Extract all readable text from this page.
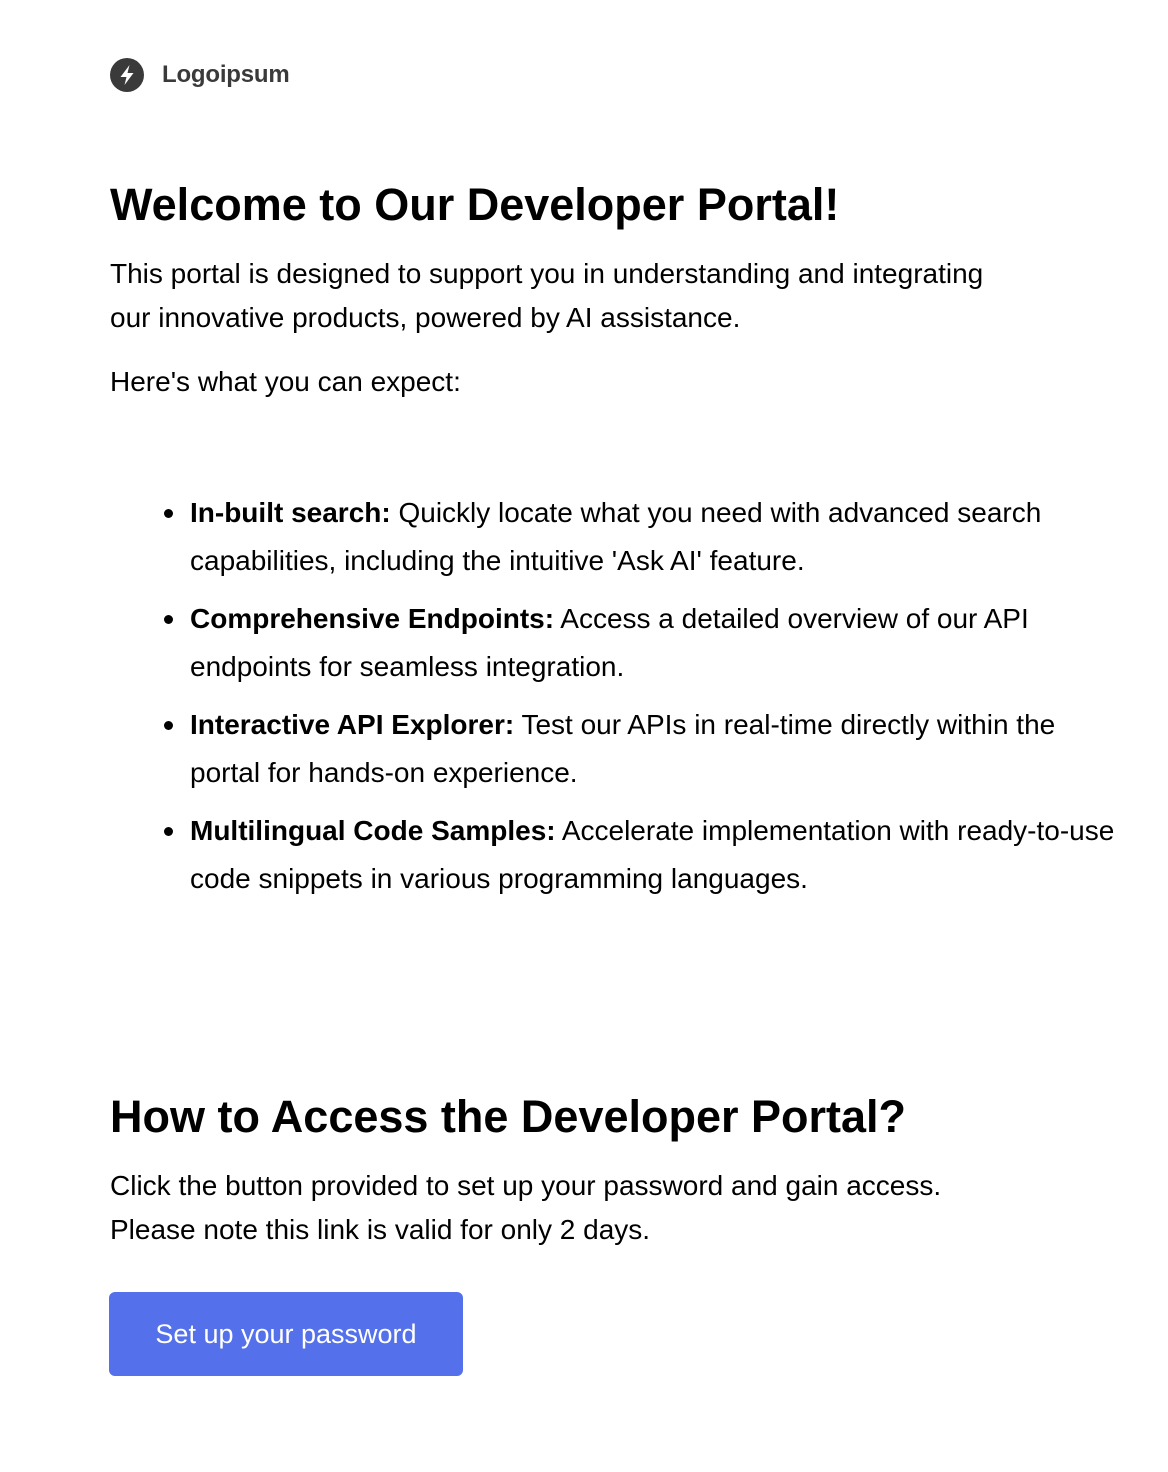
Logoipsum
Welcome to Our Developer Portal!

This portal is designed to support you in understanding and integrating our innovative products, powered by AI assistance.

Here's what you can expect:

In-built search: Quickly locate what you need with advanced search capabilities, including the intuitive 'Ask AI' feature.
Comprehensive Endpoints: Access a detailed overview of our API endpoints for seamless integration.
Interactive API Explorer: Test our APIs in real-time directly within the portal for hands-on experience.
Multilingual Code Samples: Accelerate implementation with ready-to-use code snippets in various programming languages.
How to Access the Developer Portal?

Click the button provided to set up your password and gain access. Please note this link is valid for only 2 days.

Set up your password
